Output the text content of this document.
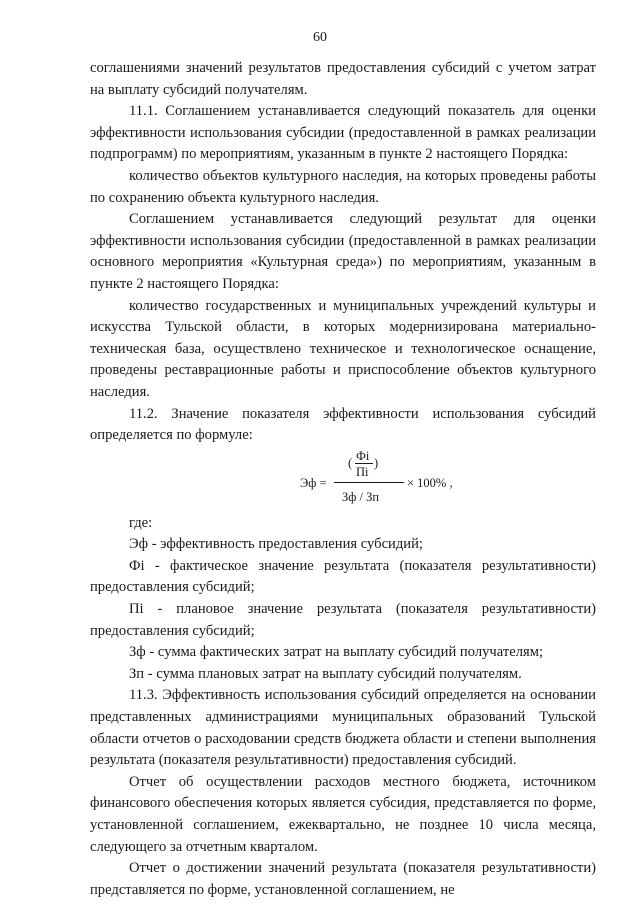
60

соглашениями значений результатов предоставления субсидий с учетом затрат на выплату субсидий получателям.

11.1. Соглашением устанавливается следующий показатель для оценки эффективности использования субсидии (предоставленной в рамках реализации подпрограмм) по мероприятиям, указанным в пункте 2 настоящего Порядка:

количество объектов культурного наследия, на которых проведены работы по сохранению объекта культурного наследия.

Соглашением устанавливается следующий результат для оценки эффективности использования субсидии (предоставленной в рамках реализации основного мероприятия «Культурная среда») по мероприятиям, указанным в пункте 2 настоящего Порядка:

количество государственных и муниципальных учреждений культуры и искусства Тульской области, в которых модернизирована материально-техническая база, осуществлено техническое и технологическое оснащение, проведены реставрационные работы и приспособление объектов культурного наследия.

11.2. Значение показателя эффективности использования субсидий определяется по формуле:

Эф =
( Фi
Пi
)
Зф / Зп
× 100% ,

где:

Эф - эффективность предоставления субсидий;

Фi - фактическое значение результата (показателя результативности) предоставления субсидий;

Пi - плановое значение результата (показателя результативности) предоставления субсидий;

Зф - сумма фактических затрат на выплату субсидий получателям;

Зп - сумма плановых затрат на выплату субсидий получателям.

11.3. Эффективность использования субсидий определяется на основании представленных администрациями муниципальных образований Тульской области отчетов о расходовании средств бюджета области и степени выполнения результата (показателя результативности) предоставления субсидий.

Отчет об осуществлении расходов местного бюджета, источником финансового обеспечения которых является субсидия, представляется по форме, установленной соглашением, ежеквартально, не позднее 10 числа месяца, следующего за отчетным кварталом.

Отчет о достижении значений результата (показателя результативности) представляется по форме, установленной соглашением, не
